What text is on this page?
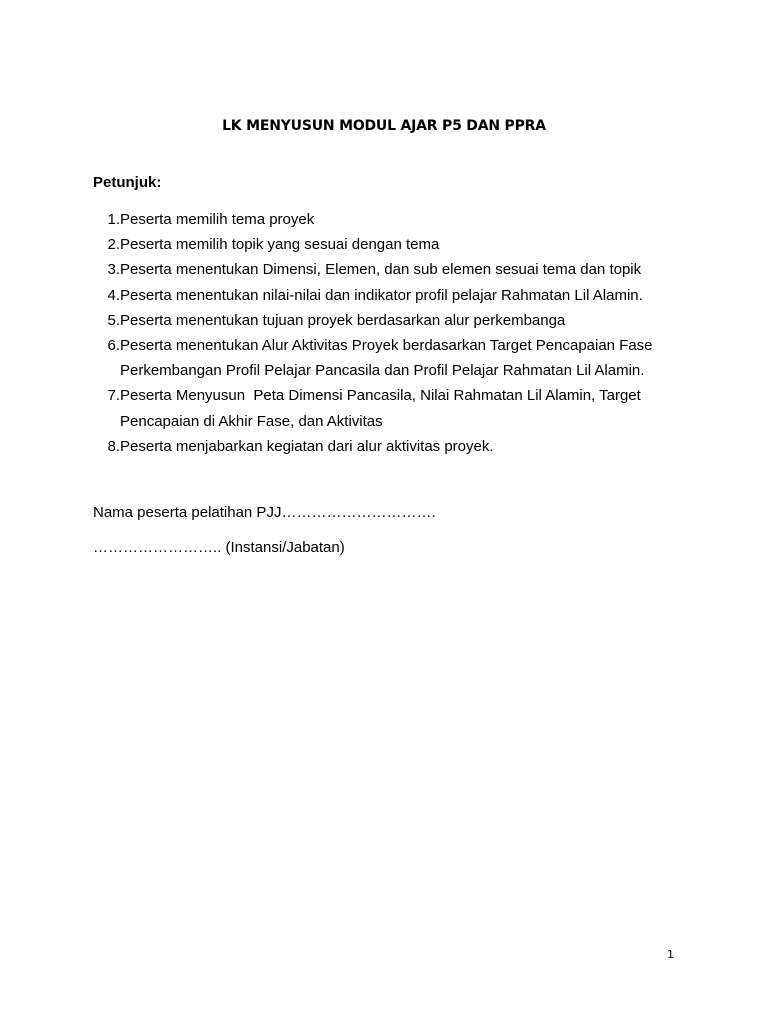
LK MENYUSUN MODUL AJAR P5 DAN PPRA
Petunjuk:
1. Peserta memilih tema proyek
2. Peserta memilih topik yang sesuai dengan tema
3. Peserta menentukan Dimensi, Elemen, dan sub elemen sesuai tema dan topik
4. Peserta menentukan nilai-nilai dan indikator profil pelajar Rahmatan Lil Alamin.
5. Peserta menentukan tujuan proyek berdasarkan alur perkembanga
6. Peserta menentukan Alur Aktivitas Proyek berdasarkan Target Pencapaian Fase Perkembangan Profil Pelajar Pancasila dan Profil Pelajar Rahmatan Lil Alamin.
7. Peserta Menyusun  Peta Dimensi Pancasila, Nilai Rahmatan Lil Alamin, Target Pencapaian di Akhir Fase, dan Aktivitas
8. Peserta menjabarkan kegiatan dari alur aktivitas proyek.
Nama peserta pelatihan PJJ………………………….
…………………….. (Instansi/Jabatan)
1
